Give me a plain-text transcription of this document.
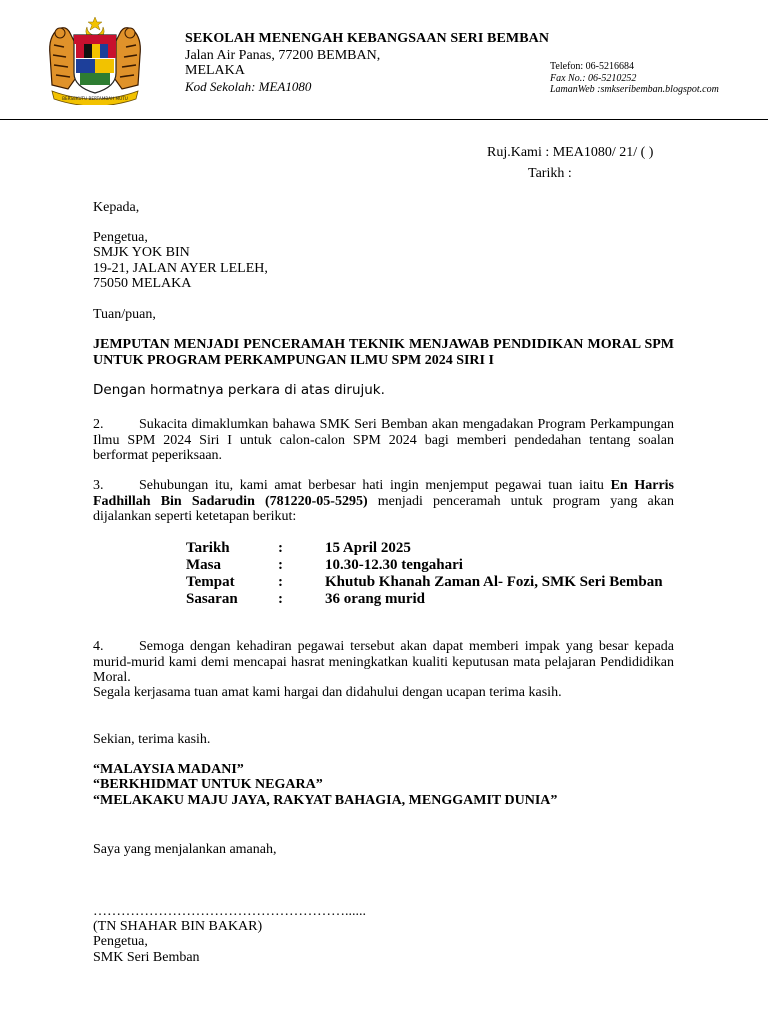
BERSEKUTU BERTAMBAH MUTU
SEKOLAH MENENGAH KEBANGSAAN SERI BEMBAN
Jalan Air Panas, 77200 BEMBAN,
MELAKA
Kod Sekolah: MEA1080
Telefon: 06-5216684
Fax No.: 06-5210252
LamanWeb :smkseribemban.blogspot.com
Ruj.Kami : MEA1080/ 21/ ( )
Tarikh :
Kepada,
Pengetua,
SMJK YOK BIN
19-21, JALAN AYER LELEH,
75050 MELAKA
Tuan/puan,
JEMPUTAN MENJADI PENCERAMAH TEKNIK MENJAWAB PENDIDIKAN MORAL SPM UNTUK PROGRAM PERKAMPUNGAN ILMU SPM 2024 SIRI I
Dengan hormatnya perkara di atas dirujuk.
2.	Sukacita dimaklumkan bahawa SMK Seri Bemban akan mengadakan Program Perkampungan Ilmu SPM 2024 Siri I untuk calon-calon SPM 2024 bagi memberi pendedahan tentang soalan berformat peperiksaan.
3.	Sehubungan itu, kami amat berbesar hati ingin menjemput pegawai tuan iaitu En Harris Fadhillah Bin Sadarudin (781220-05-5295) menjadi penceramah untuk program yang akan dijalankan seperti ketetapan berikut:
Tarikh	:	15 April 2025
Masa	:	10.30-12.30 tengahari
Tempat	:	Khutub Khanah Zaman Al- Fozi, SMK Seri Bemban
Sasaran	:	36 orang murid
4.	Semoga dengan kehadiran pegawai tersebut akan dapat memberi impak yang besar kepada murid-murid kami demi mencapai hasrat meningkatkan kualiti keputusan mata pelajaran Pendididikan Moral.
Segala kerjasama tuan amat kami hargai dan didahului dengan ucapan terima kasih.
Sekian, terima kasih.
“MALAYSIA MADANI”
“BERKHIDMAT UNTUK NEGARA”
“MELAKAKU MAJU JAYA, RAKYAT BAHAGIA, MENGGAMIT DUNIA”
Saya yang menjalankan amanah,
………………………………………………......
(TN SHAHAR BIN BAKAR)
Pengetua,
SMK Seri Bemban
